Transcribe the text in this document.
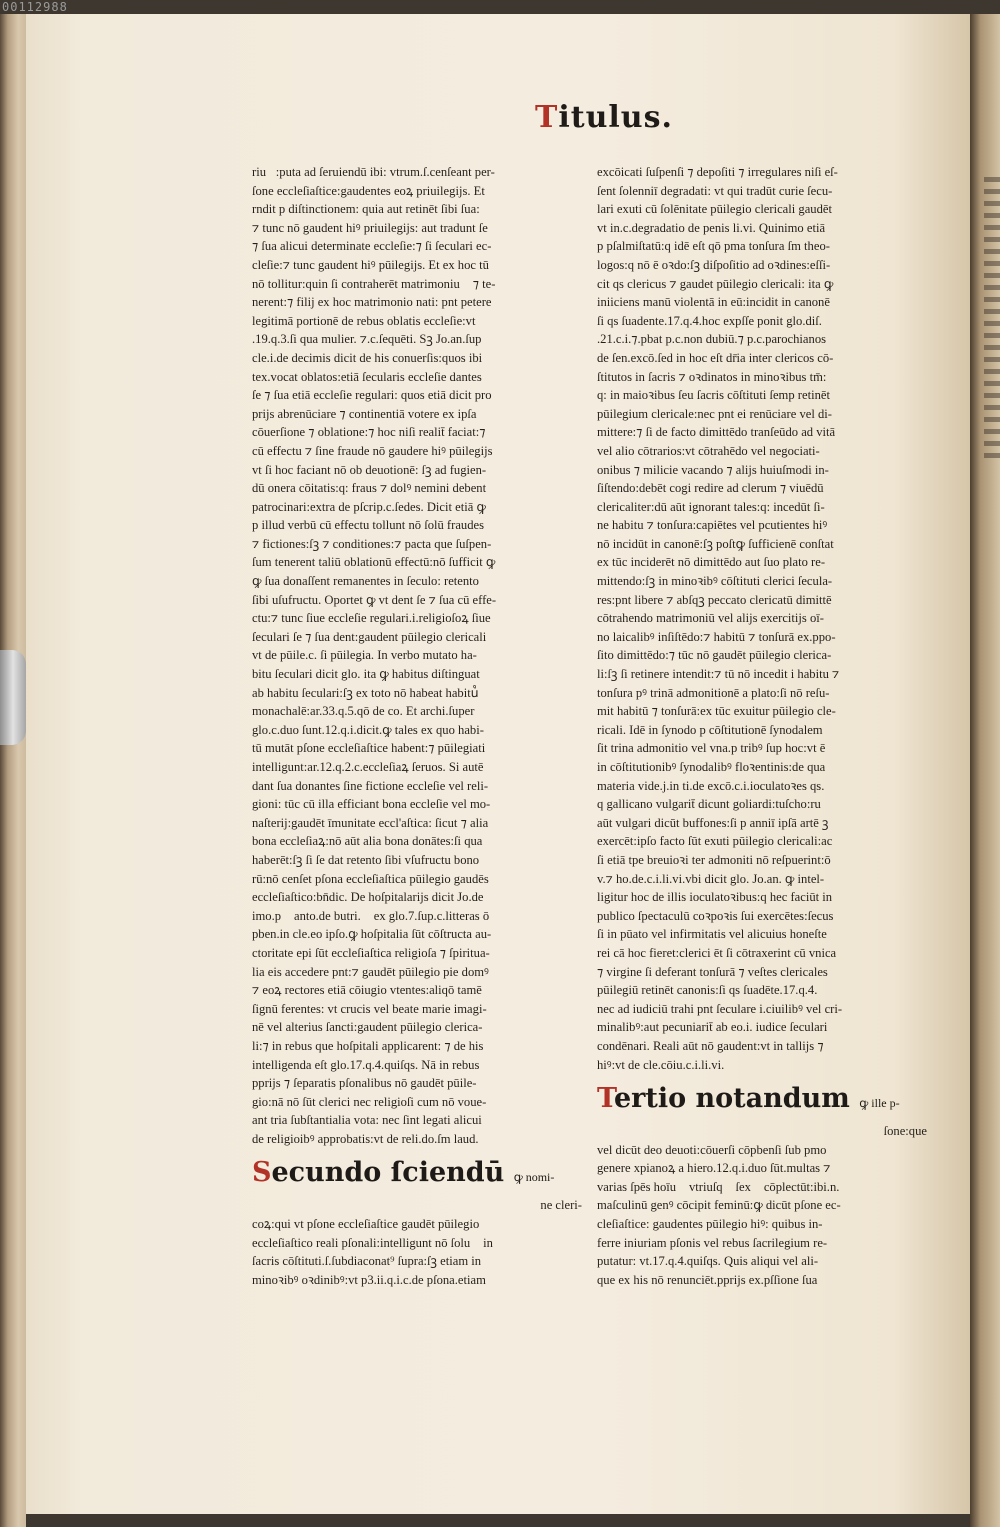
00112988
Titulus.
riu᷑:puta ad ſeruiendū ibi: vtrum.ſ.cenſeant per-
ſone eccleſiaſtice:gaudentes eoꝝ priuilegijs. Et
rndit p diſtinctionem: quia aut retinēt ſibi ſua:
⁊ tunc nō gaudent hiꝰ priuilegijs: aut tradunt ſe
⁊ ſua alicui determinate eccleſie:⁊ ſi ſeculari ec-
cleſie:⁊ tunc gaudent hiꝰ pūilegijs. Et ex hoc tū
nō tollitur:quin ſi contraherēt matrimoniu᷒ ⁊ te-
nerent:⁊ filij ex hoc matrimonio nati: pnt petere
legitimā portionē de rebus oblatis eccleſie:vt
.19.q.3.ſi qua mulier. ⁊.c.ſequēti. Sꝫ Jo.an.ſup
cle.i.de decimis dicit de his conuerſis:quos ibi
tex.vocat oblatos:etiā ſecularis eccleſie dantes
ſe ⁊ ſua etiā eccleſie regulari: quos etiā dicit pro
prijs abrenūciare ⁊ continentiā votere ex ipſa
cōuerſione ⁊ oblatione:⁊ hoc niſi realit̄ faciat:⁊
cū effectu ⁊ ſine fraude nō gaudere hiꝰ pūilegijs
vt ſi hoc faciant nō ob deuotionē: ſꝫ ad fugien-
dū onera cōitatis:q: fraus ⁊ dolꝰ nemini debent
patrocinari:extra de pſcrip.c.ſedes. Dicit etiā ꝙ
p illud verbū cū effectu tollunt nō ſolū fraudes
⁊ fictiones:ſꝫ ⁊ conditiones:⁊ pacta que ſuſpen-
ſum tenerent taliū oblationū effectū:nō ſufficit ꝙ
ꝙ ſua donaſſent remanentes in ſeculo: retento
ſibi uſufructu. Oportet ꝙ vt dent ſe ⁊ ſua cū effe-
ctu:⁊ tunc ſiue eccleſie regulari.i.religioſoꝝ ſiue
ſeculari ſe ⁊ ſua dent:gaudent pūilegio clericali
vt de pūile.c. ſi pūilegia. In verbo mutato ha-
bitu ſeculari dicit glo. ita ꝙ habitus diſtinguat
ab habitu ſeculari:ſꝫ ex toto nō habeat habitu᷒
monachalē:ar.33.q.5.qō de co. Et archi.ſuper
glo.c.duo ſunt.12.q.i.dicit.ꝙ tales ex quo habi-
tū mutāt pſone eccleſiaſtice habent:⁊ pūilegiati
intelligunt:ar.12.q.2.c.eccleſiaꝝ ſeruos. Si autē
dant ſua donantes ſine fictione eccleſie vel reli-
gioni: tūc cū illa efficiant bona eccleſie vel mo-
naſterij:gaudēt īmunitate eccl'aſtica: ſicut ⁊ alia
bona eccleſiaꝝ:nō aūt alia bona donātes:ſi qua
haberēt:ſꝫ ſi ſe dat retento ſibi vſufructu bono
rū:nō cenſet pſona eccleſiaſtica pūilegio gaudēs
eccleſiaſtico:bn̄dic. De hoſpitalarijs dicit Jo.de
imo.pᷓ anto.de butri.ꝙ ex glo.7.ſup.c.litteras ō
pben.in cle.eo ipſo.ꝙ hoſpitalia ſūt cōſtructa au-
ctoritate epi ſūt eccleſiaſtica religioſa ⁊ ſpiritua-
lia eis accedere pnt:⁊ gaudēt pūilegio pie domꝰ
⁊ eoꝝ rectores etiā cōiugio vtentes:aliqō tamē
ſignū ferentes: vt crucis vel beate marie imagi-
nē vel alterius ſancti:gaudent pūilegio clerica-
li:⁊ in rebus que hoſpitali applicarent: ⁊ de his
intelligenda eſt glo.17.q.4.quiſqs. Nā in rebus
pprijs ⁊ ſeparatis pſonalibus nō gaudēt pūile-
gio:nā nō ſūt clerici nec religioſi cum nō voue-
ant tria ſubſtantialia vota: nec ſint legati alicui
de religioibꝰ approbatis:vt de reli.do.ſm laud.
Secundo ſciendū ꝙ nomi-
ne cleri-
coꝝ:qui vt pſone eccleſiaſtice gaudēt pūilegio
eccleſiaſtico reali pſonali:intelligunt nō ſolu᷒ in
ſacris cōſtituti.ſ.ſubdiaconat⁹ ſupra:ſꝫ etiam in
minoꝛibꝰ oꝛdinibꝰ:vt p3.ii.q.i.c.de pſona.etiam
excōicati ſuſpenſi ⁊ depoſiti ⁊ irregulares niſi eſ-
ſent ſolenniī degradati: vt qui tradūt curie ſecu-
lari exuti cū ſolēnitate pūilegio clericali gaudēt
vt in.c.degradatio de penis li.vi. Quinimo etiā
p pſalmiſtatū:q idē eſt qō pma tonſura ſm theo-
logos:q nō ē oꝛdo:ſꝫ diſpoſitio ad oꝛdines:eſſi-
cit qs clericus ⁊ gaudet pūilegio clericali: ita ꝙ
iniiciens manū violentā in eū:incidit in canonē
ſi qs ſuadente.17.q.4.hoc expſſe ponit glo.diſ.
.21.c.i.⁊.pbat p.c.non dubiū.⁊ p.c.parochianos
de ſen.excō.ſed in hoc eſt dr̄ia inter clericos cō-
ſtitutos in ſacris ⁊ oꝛdinatos in minoꝛibus tm̄:
q: in maioꝛibus ſeu ſacris cōſtituti ſemp retinēt
pūilegium clericale:nec pnt ei renūciare vel di-
mittere:⁊ ſi de facto dimittēdo tranſeūdo ad vitā
vel alio cōtrarios:vt cōtrahēdo vel negociati-
onibus ⁊ milicie vacando ⁊ alijs huiuſmodi in-
ſiſtendo:debēt cogi redire ad clerum ⁊ viuēdū
clericaliter:dū aūt ignorant tales:q: incedūt ſi-
ne habitu ⁊ tonſura:capiētes vel pcutientes hiꝰ
nō incidūt in canonē:ſꝫ poſtꝙ ſufficienē conſtat
ex tūc inciderēt nō dimittēdo aut ſuo plato re-
mittendo:ſꝫ in minoꝛibꝰ cōſtituti clerici ſecula-
res:pnt libere ⁊ abſqꝫ peccato clericatū dimittē
cōtrahendo matrimoniū vel alijs exercitijs oī-
no laicalibꝰ inſiſtēdo:⁊ habitū ⁊ tonſurā ex.ppo-
ſito dimittēdo:⁊ tūc nō gaudēt pūilegio clerica-
li:ſꝫ ſi retinere intendit:⁊ tū nō incedit i habitu ⁊
tonſura pꝰ trinā admonitionē a plato:ſi nō reſu-
mit habitū ⁊ tonſurā:ex tūc exuitur pūilegio cle-
ricali. Idē in ſynodo p cōſtitutionē ſynodalem
ſit trina admonitio vel vna.p tribꝰ ſup hoc:vt ē
in cōſtitutionibꝰ ſynodalibꝰ floꝛentinis:de qua
materia vide.j.in ti.de excō.c.i.ioculatoꝛes qs.
q gallicano vulgarit̄ dicunt goliardi:tuſcho:ru᷑
aūt vulgari dicūt buffones:ſi p anniī ipſā artē ꝫ
exercēt:ipſo facto ſūt exuti pūilegio clericali:ac
ſi etiā tpe breuioꝛi ter admoniti nō reſpuerint:ō
v.⁊ ho.de.c.i.li.vi.vbi dicit glo. Jo.an. ꝙ intel-
ligitur hoc de illis ioculatoꝛibus:q hec faciūt in
publico ſpectaculū coꝛpoꝛis ſui exercētes:ſecus
ſi in pūato vel infirmitatis vel alicuius honeſte
rei cā hoc fieret:clerici ēt ſi cōtraxerint cū vnica
⁊ virgine ſi deferant tonſurā ⁊ veſtes clericales
pūilegiū retinēt canonis:ſi qs ſuadēte.17.q.4.
nec ad iudiciū trahi pnt ſeculare i.ciuilibꝰ vel cri-
minalibꝰ:aut pecuniarit̄ ab eo.i. iudice ſeculari
condēnari. Reali aūt nō gaudent:vt in tallijs ⁊
hiꝰ:vt de cle.cōiu.c.i.li.vi.
Tertio notandum ꝙ ille p-
ſone:que
vel dicūt deo deuoti:cōuerſi cōpbenſi ſub pmo
genere xpianoꝝ a hiero.12.q.i.duo ſūt.multas ⁊
varias ſpēs hoīu᷒ vtriuſqꝫ ſexꝰ cōplectūt:ibi.n.
maſculinū genꝰ cōcipit feminū:ꝙ dicūt pſone ec-
cleſiaſtice: gaudentes pūilegio hiꝰ: quibus in-
ferre iniuriam pſonis vel rebus ſacrilegium re-
putatur: vt.17.q.4.quiſqs. Quis aliqui vel ali-
que ex his nō renunciēt.pprijs ex.pſſione ſua
